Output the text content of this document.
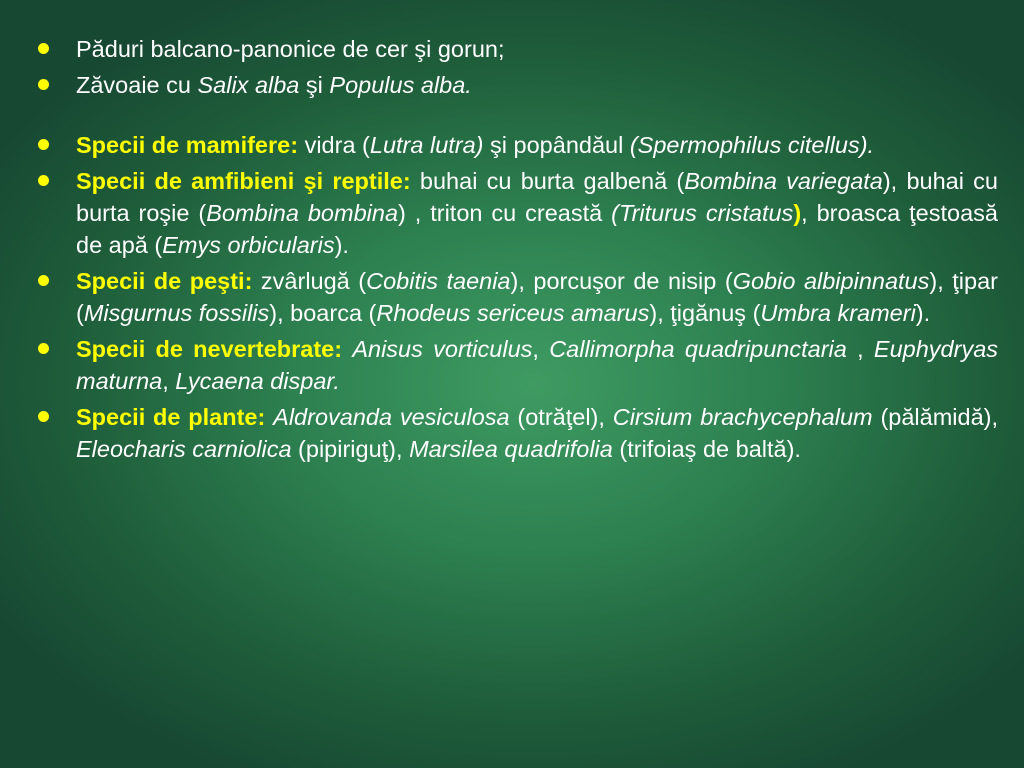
Păduri balcano-panonice de cer şi gorun;
Zăvoaie cu Salix alba şi Populus alba.
Specii de mamifere: vidra (Lutra lutra) şi popândăul (Spermophilus citellus).
Specii de amfibieni şi reptile: buhai cu burta galbenă (Bombina variegata), buhai cu burta roşie (Bombina bombina) , triton cu creastă (Triturus cristatus), broasca ţestoasă de apă (Emys orbicularis).
Specii de peşti: zvârlugă (Cobitis taenia), porcuşor de nisip (Gobio albipinnatus), ţipar (Misgurnus fossilis), boarca (Rhodeus sericeus amarus), ţigănuş (Umbra krameri).
Specii de nevertebrate: Anisus vorticulus, Callimorpha quadripunctaria , Euphydryas maturna, Lycaena dispar.
Specii de plante: Aldrovanda vesiculosa (otrăţel), Cirsium brachycephalum (pălămidă), Eleocharis carniolica (pipiriguţ), Marsilea quadrifolia (trifoiaş de baltă).
